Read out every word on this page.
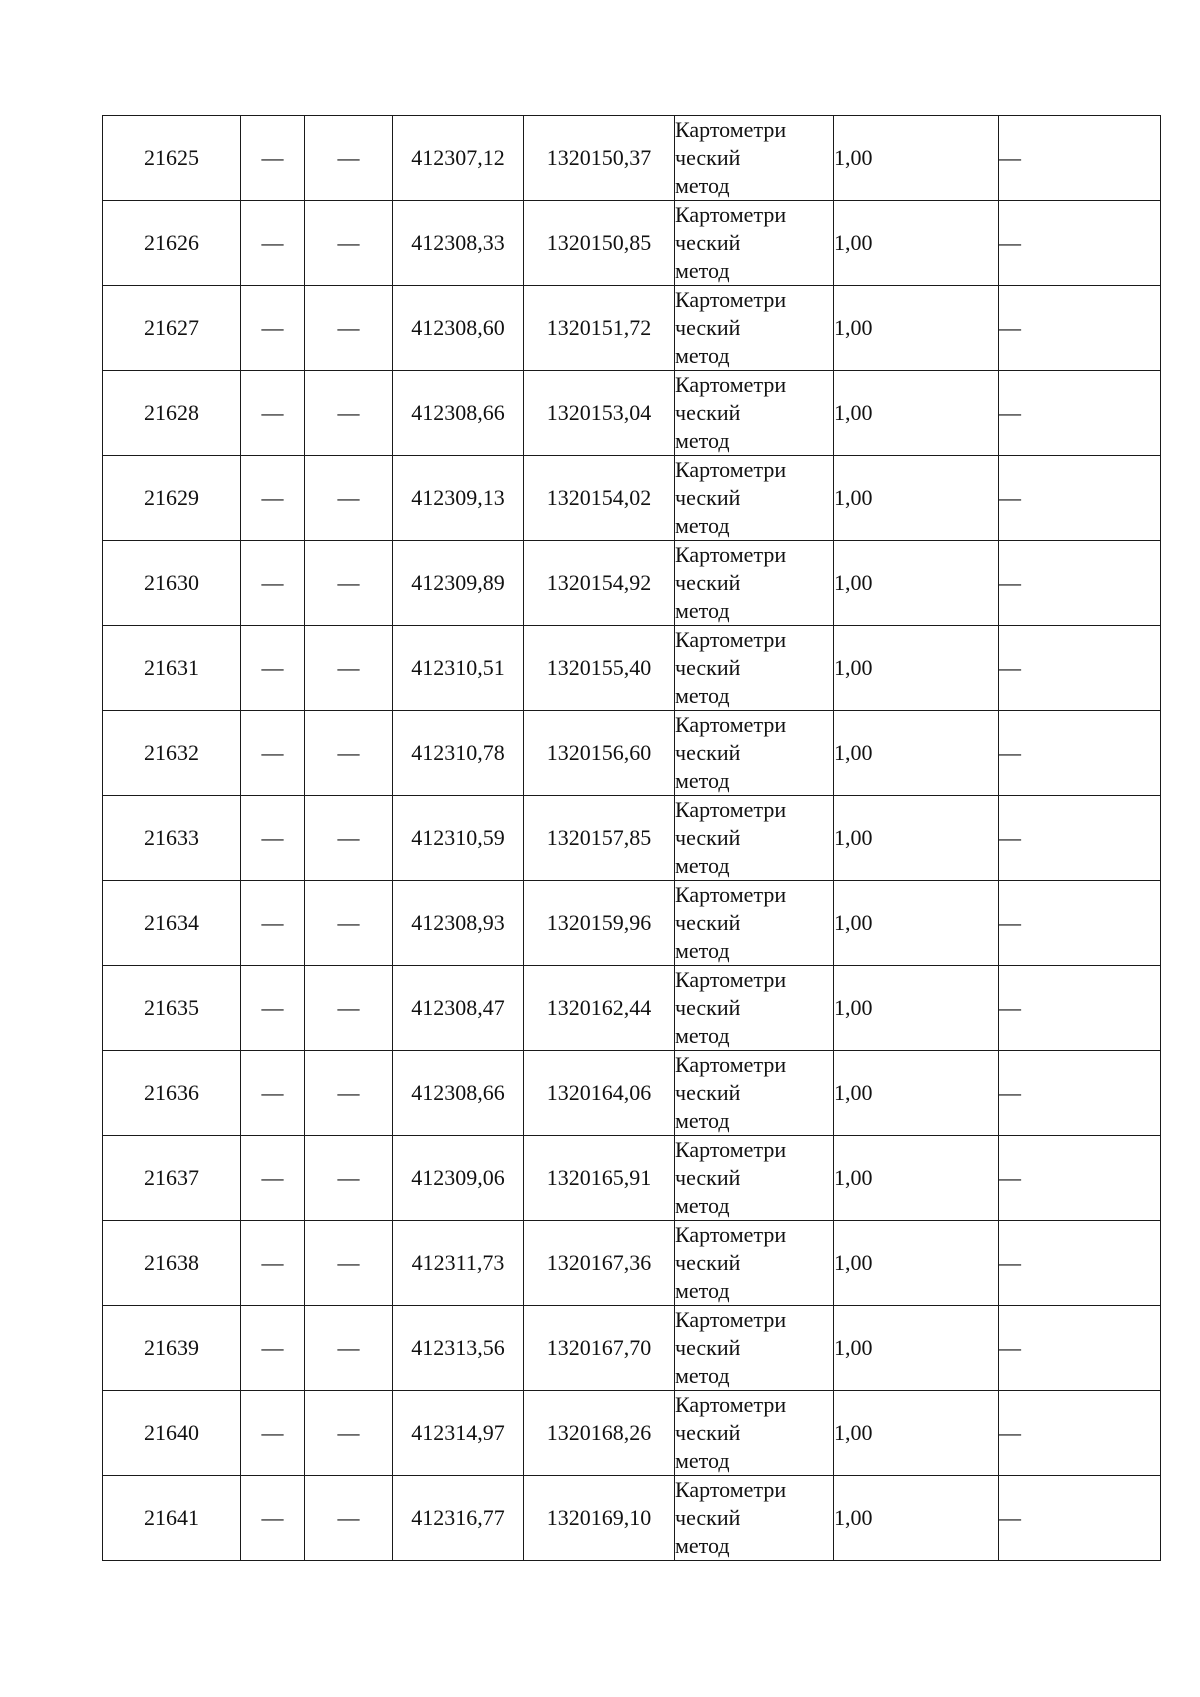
21625	—	—	412307,12	1320150,37	Картометри
ческий
метод	1,00	—
21626	—	—	412308,33	1320150,85	Картометри
ческий
метод	1,00	—
21627	—	—	412308,60	1320151,72	Картометри
ческий
метод	1,00	—
21628	—	—	412308,66	1320153,04	Картометри
ческий
метод	1,00	—
21629	—	—	412309,13	1320154,02	Картометри
ческий
метод	1,00	—
21630	—	—	412309,89	1320154,92	Картометри
ческий
метод	1,00	—
21631	—	—	412310,51	1320155,40	Картометри
ческий
метод	1,00	—
21632	—	—	412310,78	1320156,60	Картометри
ческий
метод	1,00	—
21633	—	—	412310,59	1320157,85	Картометри
ческий
метод	1,00	—
21634	—	—	412308,93	1320159,96	Картометри
ческий
метод	1,00	—
21635	—	—	412308,47	1320162,44	Картометри
ческий
метод	1,00	—
21636	—	—	412308,66	1320164,06	Картометри
ческий
метод	1,00	—
21637	—	—	412309,06	1320165,91	Картометри
ческий
метод	1,00	—
21638	—	—	412311,73	1320167,36	Картометри
ческий
метод	1,00	—
21639	—	—	412313,56	1320167,70	Картометри
ческий
метод	1,00	—
21640	—	—	412314,97	1320168,26	Картометри
ческий
метод	1,00	—
21641	—	—	412316,77	1320169,10	Картометри
ческий
метод	1,00	—
